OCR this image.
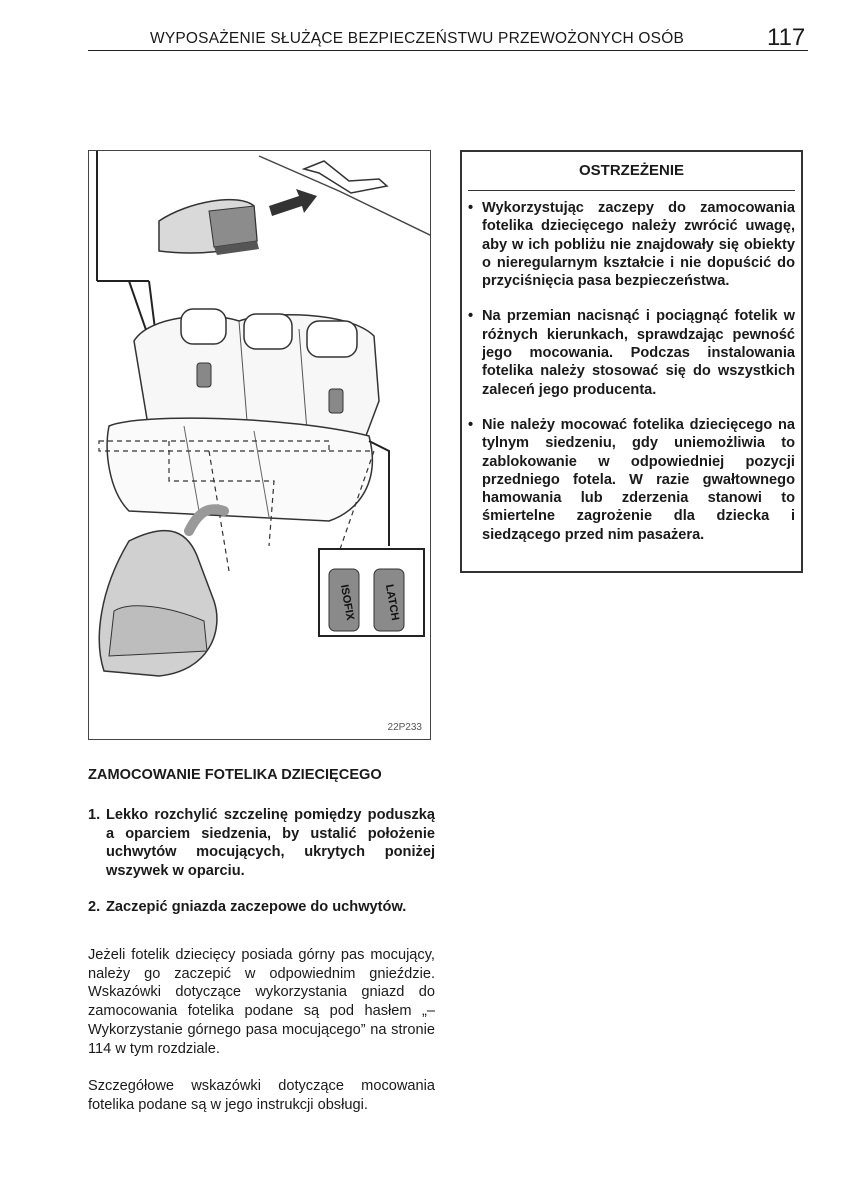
WYPOSAŻENIE SŁUŻĄCE BEZPIECZEŃSTWU PRZEWOŻONYCH OSÓB	117
ISOFIX LATCH
22P233
OSTRZEŻENIE
• Wykorzystując zaczepy do zamocowania fotelika dziecięcego należy zwrócić uwagę, aby w ich pobliżu nie znajdowały się obiekty o nieregularnym kształcie i nie dopuścić do przyciśnięcia pasa bezpieczeństwa.
• Na przemian nacisnąć i pociągnąć fotelik w różnych kierunkach, sprawdzając pewność jego mocowania. Podczas instalowania fotelika należy stosować się do wszystkich zaleceń jego producenta.
• Nie należy mocować fotelika dziecięcego na tylnym siedzeniu, gdy uniemożliwia to zablokowanie w odpowiedniej pozycji przedniego fotela. W razie gwałtownego hamowania lub zderzenia stanowi to śmiertelne zagrożenie dla dziecka i siedzącego przed nim pasażera.
ZAMOCOWANIE FOTELIKA DZIECIĘCEGO
1. Lekko rozchylić szczelinę pomiędzy poduszką a oparciem siedzenia, by ustalić położenie uchwytów mocujących, ukrytych poniżej wszywek w oparciu.
2. Zaczepić gniazda zaczepowe do uchwytów.
Jeżeli fotelik dziecięcy posiada górny pas mocujący, należy go zaczepić w odpowiednim gnieździe. Wskazówki dotyczące wykorzystania gniazd do zamocowania fotelika podane są pod hasłem „–Wykorzystanie górnego pasa mocującego” na stronie 114 w tym rozdziale.
Szczegółowe wskazówki dotyczące mocowania fotelika podane są w jego instrukcji obsługi.
